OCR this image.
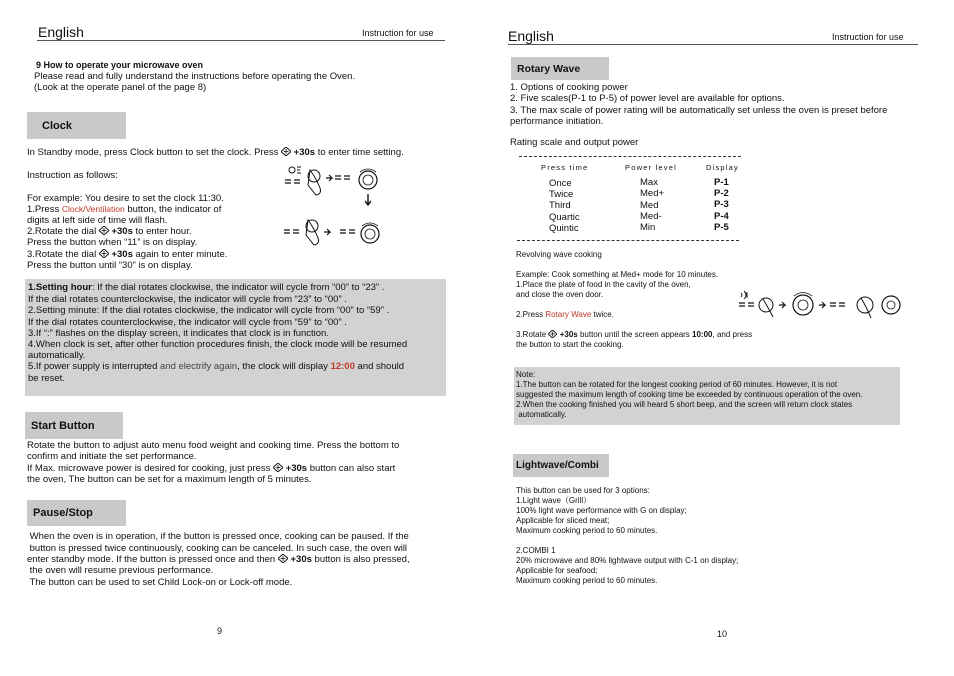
English	Instruction for use
9 How to operate your microwave oven
Please read and fully understand the instructions before operating the Oven.
(Look at the operate panel of the page 8)
Clock
In Standby mode, press Clock button to set the clock. Press +30s to enter time setting.
Instruction as follows:
For example: You desire to set the clock 11:30.
1.Press Clock/Ventilation button, the indicator of
digits at left side of time will flash.
2.Rotate the dial  +30s to enter hour.
Press the button when “11” is on display.
3.Rotate the dial  +30s again to enter minute.
Press the button until “30” is on display.
1.Setting hour: If the dial rotates clockwise, the indicator will cycle from “00” to “23” .
If the dial rotates counterclockwise, the indicator will cycle from “23” to “00” .
2.Setting minute: If the dial rotates clockwise, the indicator will cycle from “00” to “59” .
If the dial rotates counterclockwise, the indicator will cycle from “59” to “00” .
3.If “:” flashes on the display screen, it indicates that clock is in function.
4.When clock is set, after other function procedures finish, the clock mode will be resumed
automatically.
5.If power supply is interrupted and electrify again, the clock will display 12:00 and should
be reset.
Start Button
Rotate the button to adjust auto menu food weight and cooking time. Press the bottom to
confirm and initiate the set performance.
If Max. microwave power is desired for cooking, just press  +30s button can also start
the oven, The button can be set for a maximum length of 5 minutes.
Pause/Stop
When the oven is in operation, if the button is pressed once, cooking can be paused. If the
button is pressed twice continuously, cooking can be canceled. In such case, the oven will
enter standby mode. If the button is pressed once and then  +30s button is also pressed,
the oven will resume previous performance.
The button can be used to set Child Lock-on or Lock-off mode.
9
English	Instruction for use
Rotary Wave
1. Options of cooking power
2. Five scales(P-1 to P-5) of power level are available for options.
3. The max scale of power rating will be automatically set unless the oven is preset before
performance initiation.
Rating scale and output power
Press time	Power level	Display
Once	Max	P-1
Twice	Med+	P-2
Third	Med	P-3
Quartic	Med-	P-4
Quintic	Min	P-5
Revolving wave cooking
Example: Cook something at Med+ mode for 10 minutes.
1.Place the plate of food in the cavity of the oven,
and close the oven door.
2.Press Rotary Wave twice.
3.Rotate  +30s button until the screen appears 10:00, and press
the button to start the cooking.
Note:
1.The button can be rotated for the longest cooking period of 60 minutes. However, it is not
suggested the maximum length of cooking time be exceeded by continuous operation of the oven.
2.When the cooking finished you will heard 5 short beep, and the screen will return clock states
automatically.
Lightwave/Combi
This button can be used for 3 options:
1.Light wave（Grill）
100% light wave performance with G on display;
Applicable for sliced meat;
Maximum cooking period to 60 minutes.
2.COMBI 1
20% microwave and 80% lightwave output with C-1 on display;
Applicable for seafood;
Maximum cooking period to 60 minutes.
10
